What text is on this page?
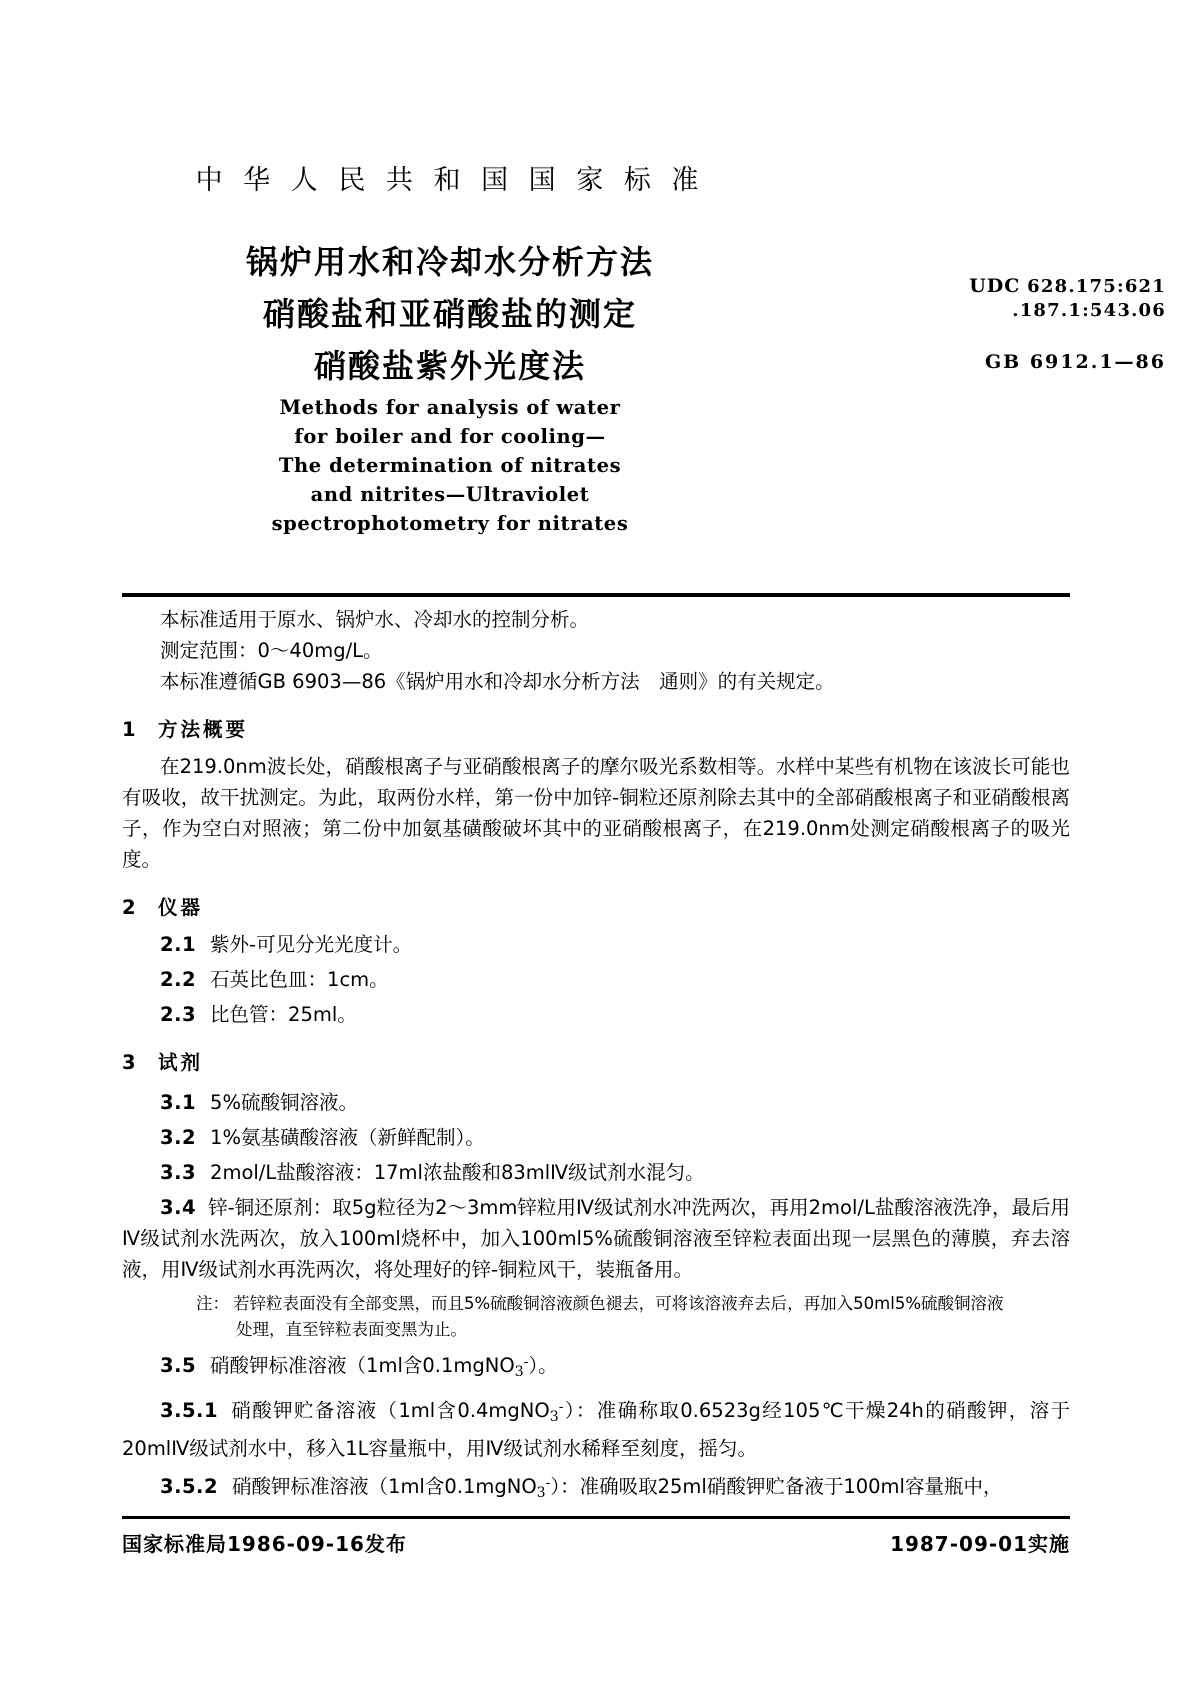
中 华 人 民 共 和 国 国 家 标 准
锅炉用水和冷却水分析方法
硝酸盐和亚硝酸盐的测定
硝酸盐紫外光度法
Methods for analysis of water
for boiler and for cooling—
The determination of nitrates
and nitrites—Ultraviolet
spectrophotometry for nitrates
UDC 628.175:621
.187.1:543.06
GB 6912.1—86

本标准适用于原水、锅炉水、冷却水的控制分析。

测定范围：0～40mg/L。

本标准遵循GB 6903—86《锅炉用水和冷却水分析方法　通则》的有关规定。

1 方法概要

在219.0nm波长处，硝酸根离子与亚硝酸根离子的摩尔吸光系数相等。水样中某些有机物在该波长可能也有吸收，故干扰测定。为此，取两份水样，第一份中加锌-铜粒还原剂除去其中的全部硝酸根离子和亚硝酸根离子，作为空白对照液；第二份中加氨基磺酸破坏其中的亚硝酸根离子，在219.0nm处测定硝酸根离子的吸光度。

2 仪器

2.1 紫外-可见分光光度计。

2.2 石英比色皿：1cm。

2.3 比色管：25ml。

3 试剂

3.1 5%硫酸铜溶液。

3.2 1%氨基磺酸溶液（新鲜配制）。

3.3 2mol/L盐酸溶液：17ml浓盐酸和83mlⅣ级试剂水混匀。

3.4 锌-铜还原剂：取5g粒径为2～3mm锌粒用Ⅳ级试剂水冲洗两次，再用2mol/L盐酸溶液洗净，最后用Ⅳ级试剂水洗两次，放入100ml烧杯中，加入100ml5%硫酸铜溶液至锌粒表面出现一层黑色的薄膜，弃去溶液，用Ⅳ级试剂水再洗两次，将处理好的锌-铜粒风干，装瓶备用。

注： 若锌粒表面没有全部变黑，而且5%硫酸铜溶液颜色褪去，可将该溶液弃去后，再加入50ml5%硫酸铜溶液
处理，直至锌粒表面变黑为止。

3.5 硝酸钾标准溶液（1ml含0.1mgNO$_3$-）。

3.5.1 硝酸钾贮备溶液（1ml含0.4mgNO$_3$-）：准确称取0.6523g经105℃干燥24h的硝酸钾，溶于20mlⅣ级试剂水中，移入1L容量瓶中，用Ⅳ级试剂水稀释至刻度，摇匀。

3.5.2 硝酸钾标准溶液（1ml含0.1mgNO$_3$-）：准确吸取25ml硝酸钾贮备液于100ml容量瓶中，

国家标准局1986-09-16发布	1987-09-01实施
